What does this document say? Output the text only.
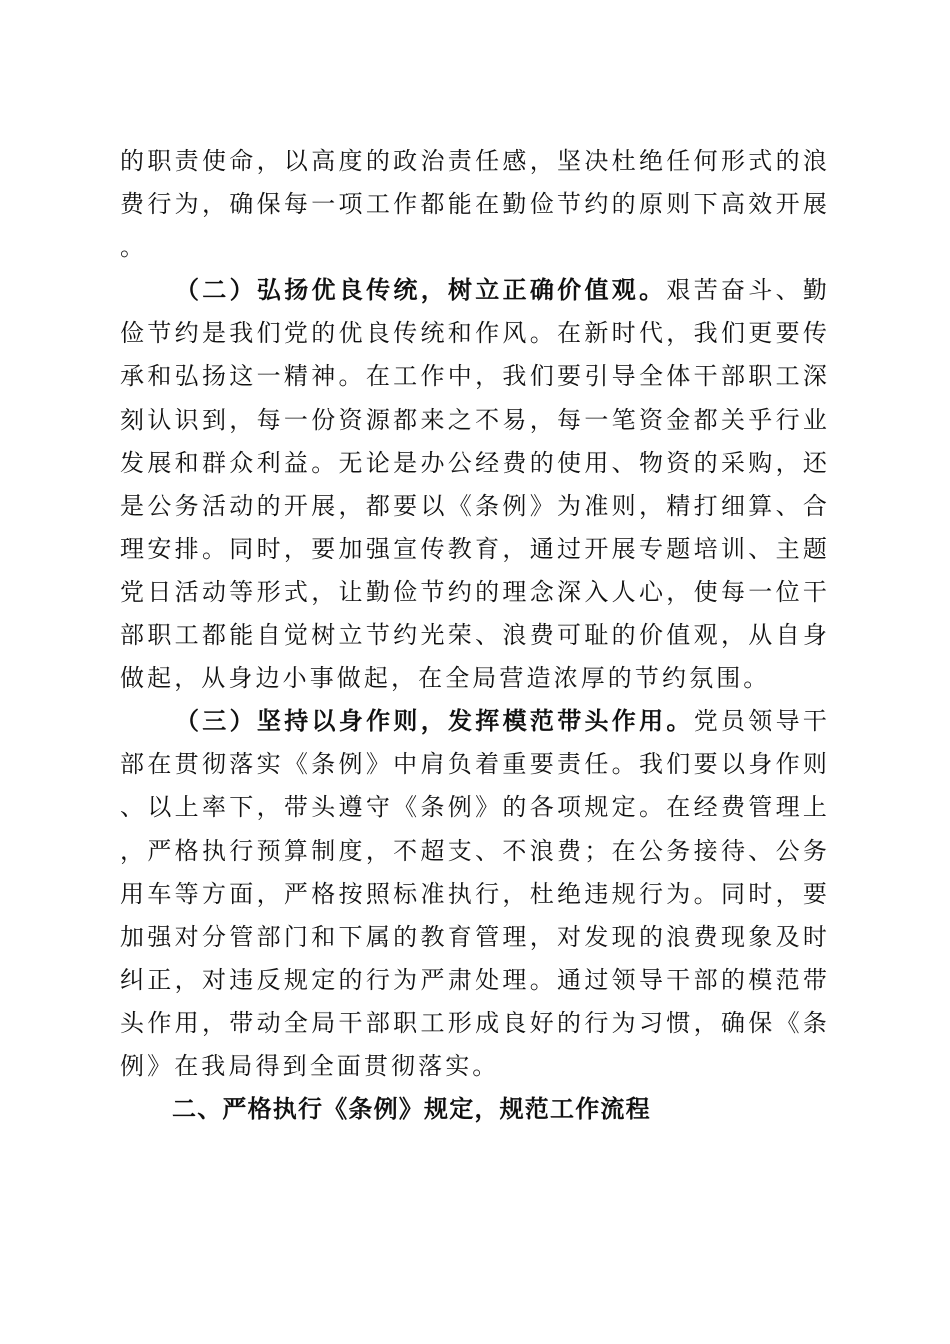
的职责使命，以高度的政治责任感，坚决杜绝任何形式的浪费行为，确保每一项工作都能在勤俭节约的原则下高效开展。

（二）弘扬优良传统，树立正确价值观。艰苦奋斗、勤俭节约是我们党的优良传统和作风。在新时代，我们更要传承和弘扬这一精神。在工作中，我们要引导全体干部职工深刻认识到，每一份资源都来之不易，每一笔资金都关乎行业发展和群众利益。无论是办公经费的使用、物资的采购，还是公务活动的开展，都要以《条例》为准则，精打细算、合理安排。同时，要加强宣传教育，通过开展专题培训、主题党日活动等形式，让勤俭节约的理念深入人心，使每一位干部职工都能自觉树立节约光荣、浪费可耻的价值观，从自身做起，从身边小事做起，在全局营造浓厚的节约氛围。

（三）坚持以身作则，发挥模范带头作用。党员领导干部在贯彻落实《条例》中肩负着重要责任。我们要以身作则、以上率下，带头遵守《条例》的各项规定。在经费管理上，严格执行预算制度，不超支、不浪费；在公务接待、公务用车等方面，严格按照标准执行，杜绝违规行为。同时，要加强对分管部门和下属的教育管理，对发现的浪费现象及时纠正，对违反规定的行为严肃处理。通过领导干部的模范带头作用，带动全局干部职工形成良好的行为习惯，确保《条例》在我局得到全面贯彻落实。

二、严格执行《条例》规定，规范工作流程
